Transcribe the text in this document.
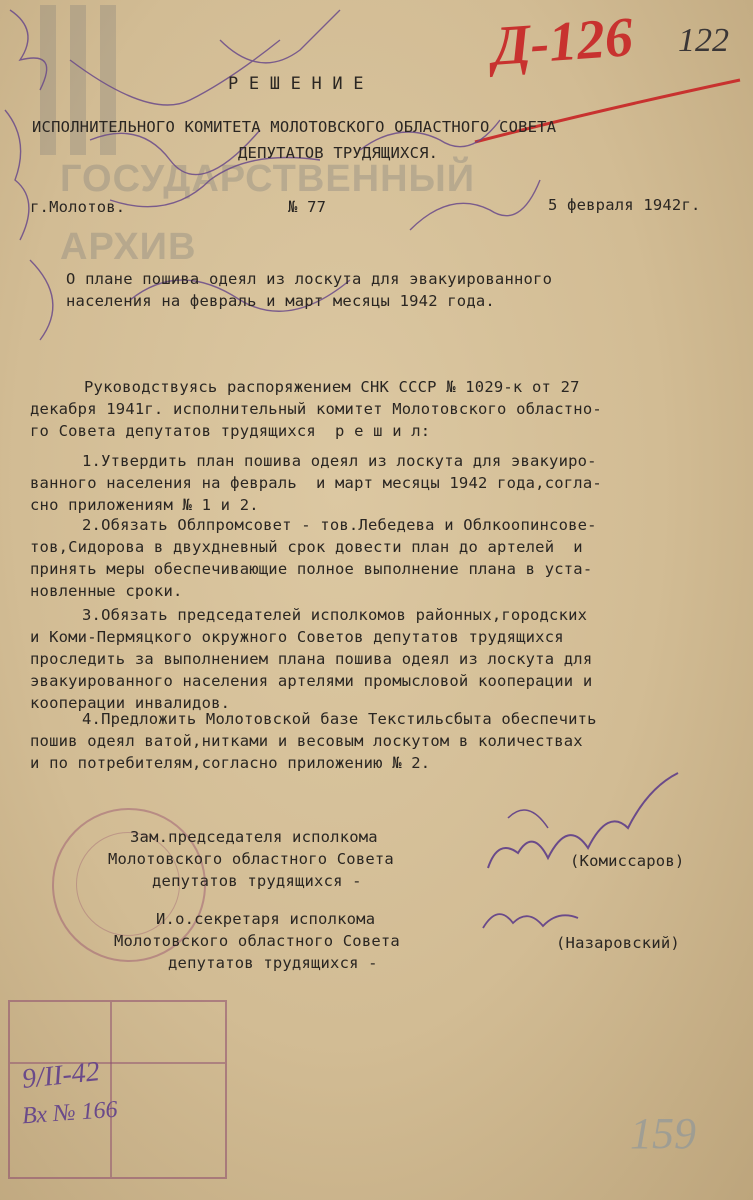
ГОСУДАРСТВЕННЫЙ
АРХИВ
Д-126 122
Р Е Ш Е Н И Е
ИСПОЛНИТЕЛЬНОГО КОМИТЕТА МОЛОТОВСКОГО ОБЛАСТНОГО СОВЕТА
ДЕПУТАТОВ ТРУДЯЩИХСЯ.
г.Молотов.	№ 77	5 февраля 1942г.
О плане пошива одеял из лоскута для эвакуированного
населения на февраль и март месяцы 1942 года.
Руководствуясь распоряжением СНК СССР № 1029-к от 27
декабря 1941г. исполнительный комитет Молотовского областно-
го Совета депутатов трудящихся  р е ш и л:
1.Утвердить план пошива одеял из лоскута для эвакуиро-
ванного населения на февраль  и март месяцы 1942 года,согла-
сно приложениям № 1 и 2.
2.Обязать Облпромсовет - тов.Лебедева и Облкоопинсове-
тов,Сидорова в двухдневный срок довести план до артелей  и
принять меры обеспечивающие полное выполнение плана в уста-
новленные сроки.
3.Обязать председателей исполкомов районных,городских
и Коми-Пермяцкого окружного Советов депутатов трудящихся
проследить за выполнением плана пошива одеял из лоскута для
эвакуированного населения артелями промысловой кооперации и
кооперации инвалидов.
4.Предложить Молотовской базе Текстильсбыта обеспечить
пошив одеял ватой,нитками и весовым лоскутом в количествах
и по потребителям,согласно приложению № 2.
Зам.председателя исполкома
Молотовского областного Совета
депутатов трудящихся -
(Комиссаров)
И.о.секретаря исполкома
Молотовского областного Совета
депутатов трудящихся -
(Назаровский)
9/II-42
Вх № 166	159
